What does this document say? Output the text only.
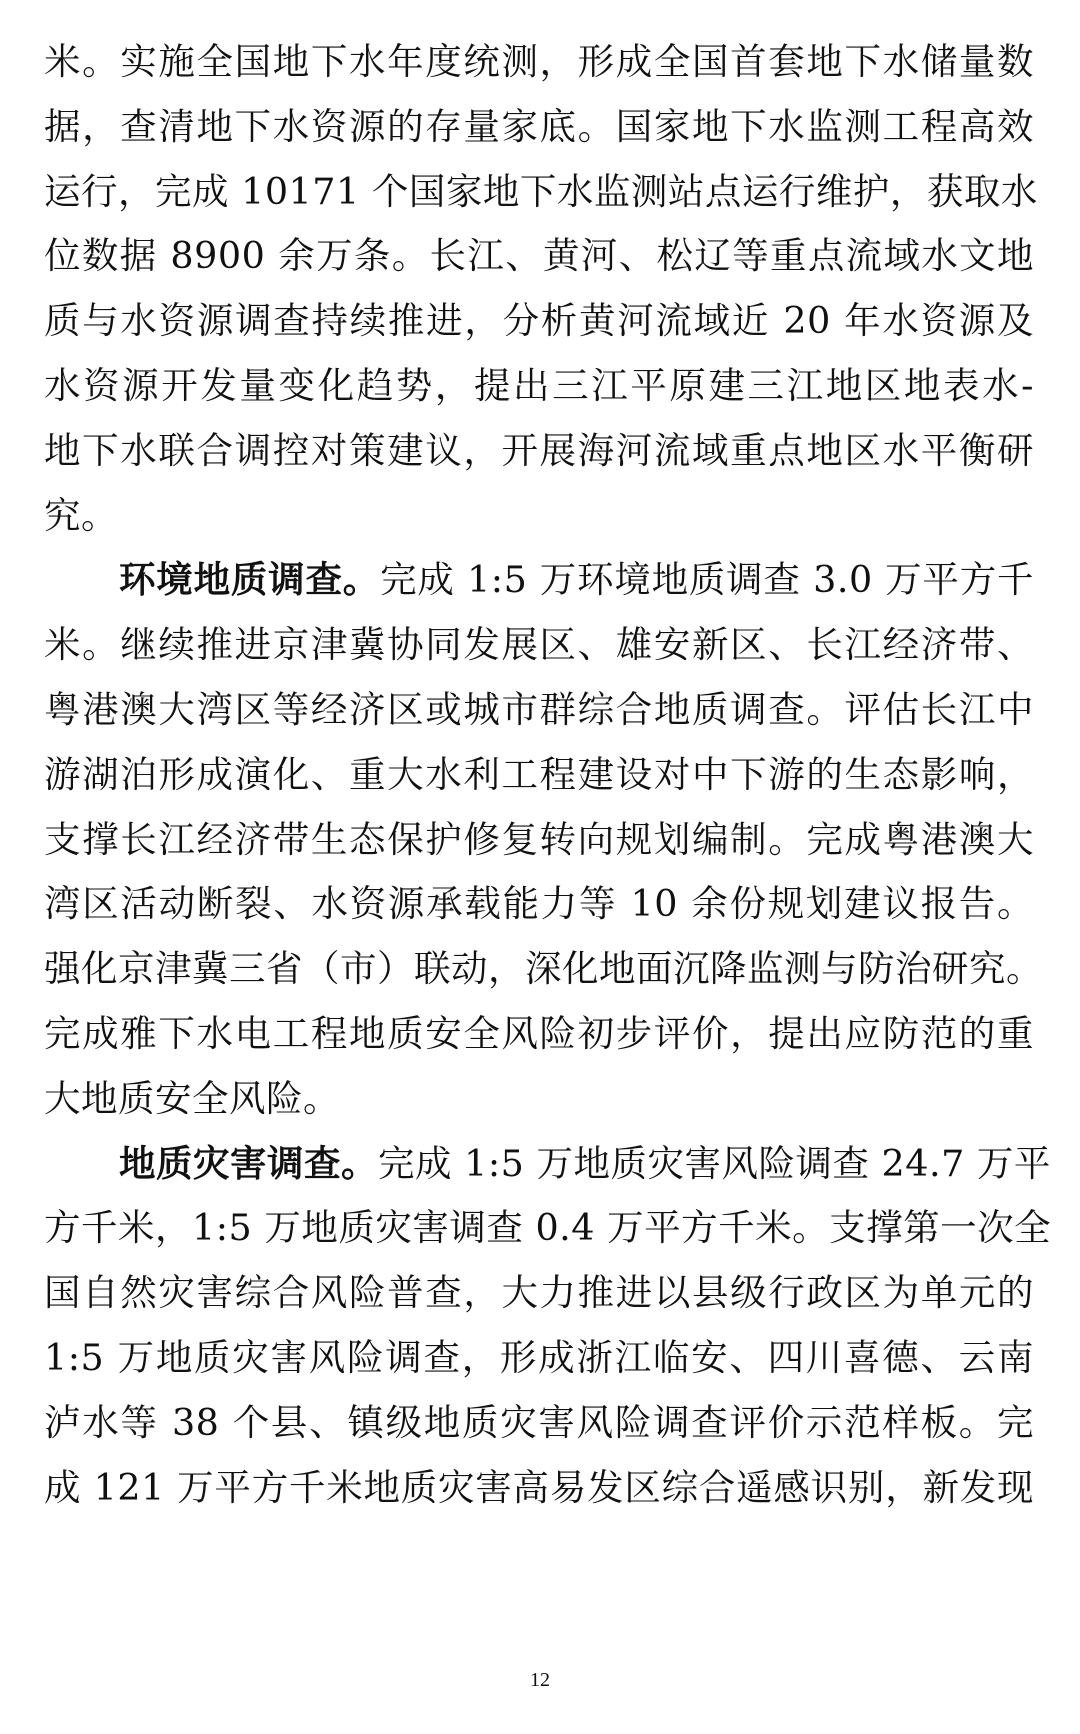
米。实施全国地下水年度统测，形成全国首套地下水储量数
据，查清地下水资源的存量家底。国家地下水监测工程高效
运行，完成 10171 个国家地下水监测站点运行维护，获取水
位数据 8900 余万条。长江、黄河、松辽等重点流域水文地
质与水资源调查持续推进，分析黄河流域近 20 年水资源及
水资源开发量变化趋势，提出三江平原建三江地区地表水-
地下水联合调控对策建议，开展海河流域重点地区水平衡研
究。
环境地质调查。完成 1:5 万环境地质调查 3.0 万平方千
米。继续推进京津冀协同发展区、雄安新区、长江经济带、
粤港澳大湾区等经济区或城市群综合地质调查。评估长江中
游湖泊形成演化、重大水利工程建设对中下游的生态影响，
支撑长江经济带生态保护修复转向规划编制。完成粤港澳大
湾区活动断裂、水资源承载能力等 10 余份规划建议报告。
强化京津冀三省（市）联动，深化地面沉降监测与防治研究。
完成雅下水电工程地质安全风险初步评价，提出应防范的重
大地质安全风险。
地质灾害调查。完成 1:5 万地质灾害风险调查 24.7 万平
方千米，1:5 万地质灾害调查 0.4 万平方千米。支撑第一次全
国自然灾害综合风险普查，大力推进以县级行政区为单元的
1:5 万地质灾害风险调查，形成浙江临安、四川喜德、云南
泸水等 38 个县、镇级地质灾害风险调查评价示范样板。完
成 121 万平方千米地质灾害高易发区综合遥感识别，新发现
12
